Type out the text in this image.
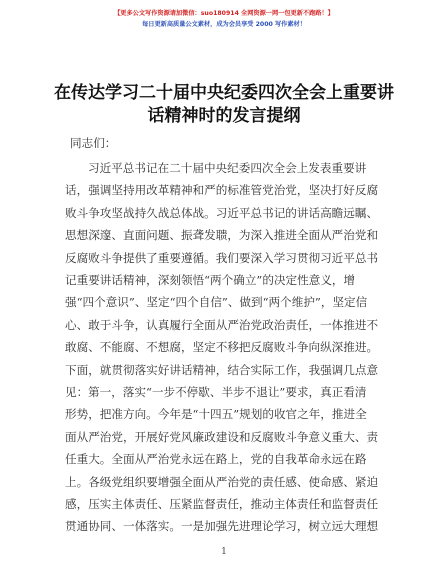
【更多公文写作资源请加微信：suo180914 全网资源一网一包更新不跑路！】
每日更新高质量公文素材，成为会员享受 2000 写作素材！
在传达学习二十届中央纪委四次全会上重要讲
话精神时的发言提纲
同志们：
习近平总书记在二十届中央纪委四次全会上发表重要讲
话，强调坚持用改革精神和严的标准管党治党，坚决打好反腐
败斗争攻坚战持久战总体战。习近平总书记的讲话高瞻远瞩、
思想深邃、直面问题、振聋发聩，为深入推进全面从严治党和
反腐败斗争提供了重要遵循。我们要深入学习贯彻习近平总书
记重要讲话精神，深刻领悟“两个确立”的决定性意义，增
强“四个意识”、坚定“四个自信”、做到“两个维护”，坚定信
心、敢于斗争，认真履行全面从严治党政治责任，一体推进不
敢腐、不能腐、不想腐，坚定不移把反腐败斗争向纵深推进。
下面，就贯彻落实好讲话精神，结合实际工作，我强调几点意
见： 第一，落实“一步不停歇、半步不退让”要求，真正看清
形势，把准方向。今年是“十四五”规划的收官之年，推进全
面从严治党，开展好党风廉政建设和反腐败斗争意义重大、责
任重大。全面从严治党永远在路上，党的自我革命永远在路
上。各级党组织要增强全面从严治党的责任感、使命感、紧迫
感，压实主体责任、压紧监督责任，推动主体责任和监督责任
贯通协同、一体落实。一是加强先进理论学习，树立远大理想
1
